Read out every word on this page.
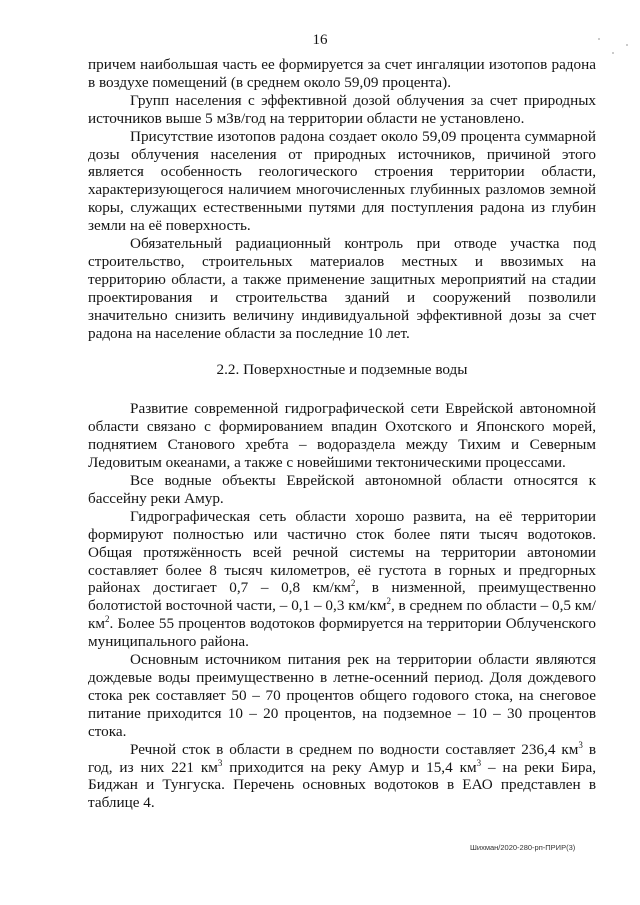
16

причем наибольшая часть ее формируется за счет ингаляции изотопов радона в воздухе помещений (в среднем около 59,09 процента).

Групп населения с эффективной дозой облучения за счет природных источников выше 5 мЗв/год на территории области не установлено.

Присутствие изотопов радона создает около 59,09 процента суммарной дозы облучения населения от природных источников, причиной этого является особенность геологического строения территории области, характеризующегося наличием многочисленных глубинных разломов земной коры, служащих естественными путями для поступления радона из глубин земли на её поверхность.

Обязательный радиационный контроль при отводе участка под строительство, строительных материалов местных и ввозимых на территорию области, а также применение защитных мероприятий на стадии проектирования и строительства зданий и сооружений позволили значительно снизить величину индивидуальной эффективной дозы за счет радона на население области за последние 10 лет.

2.2. Поверхностные и подземные воды

Развитие современной гидрографической сети Еврейской автономной области связано с формированием впадин Охотского и Японского морей, поднятием Станового хребта – водораздела между Тихим и Северным Ледовитым океанами, а также с новейшими тектоническими процессами.

Все водные объекты Еврейской автономной области относятся к бассейну реки Амур.

Гидрографическая сеть области хорошо развита, на её территории формируют полностью или частично сток более пяти тысяч водотоков. Общая протяжённость всей речной системы на территории автономии составляет более 8 тысяч километров, её густота в горных и предгорных районах достигает 0,7 – 0,8 $км/км^2$, в низменной, преимущественно болотистой восточной части, – 0,1 – 0,3 $км/км^2$, в среднем по области – 0,5 $км/км^2$. Более 55 процентов водотоков формируется на территории Облученского муниципального района.

Основным источником питания рек на территории области являются дождевые воды преимущественно в летне-осенний период. Доля дождевого стока рек составляет 50 – 70 процентов общего годового стока, на снеговое питание приходится 10 – 20 процентов, на подземное – 10 – 30 процентов стока.

Речной сток в области в среднем по водности составляет 236,4 $км^3$ в год, из них 221 $км^3$ приходится на реку Амур и 15,4 $км^3$ – на реки Бира, Биджан и Тунгуска. Перечень основных водотоков в ЕАО представлен в таблице 4.

Шихман/2020-280-рп-ПРИР(3)
